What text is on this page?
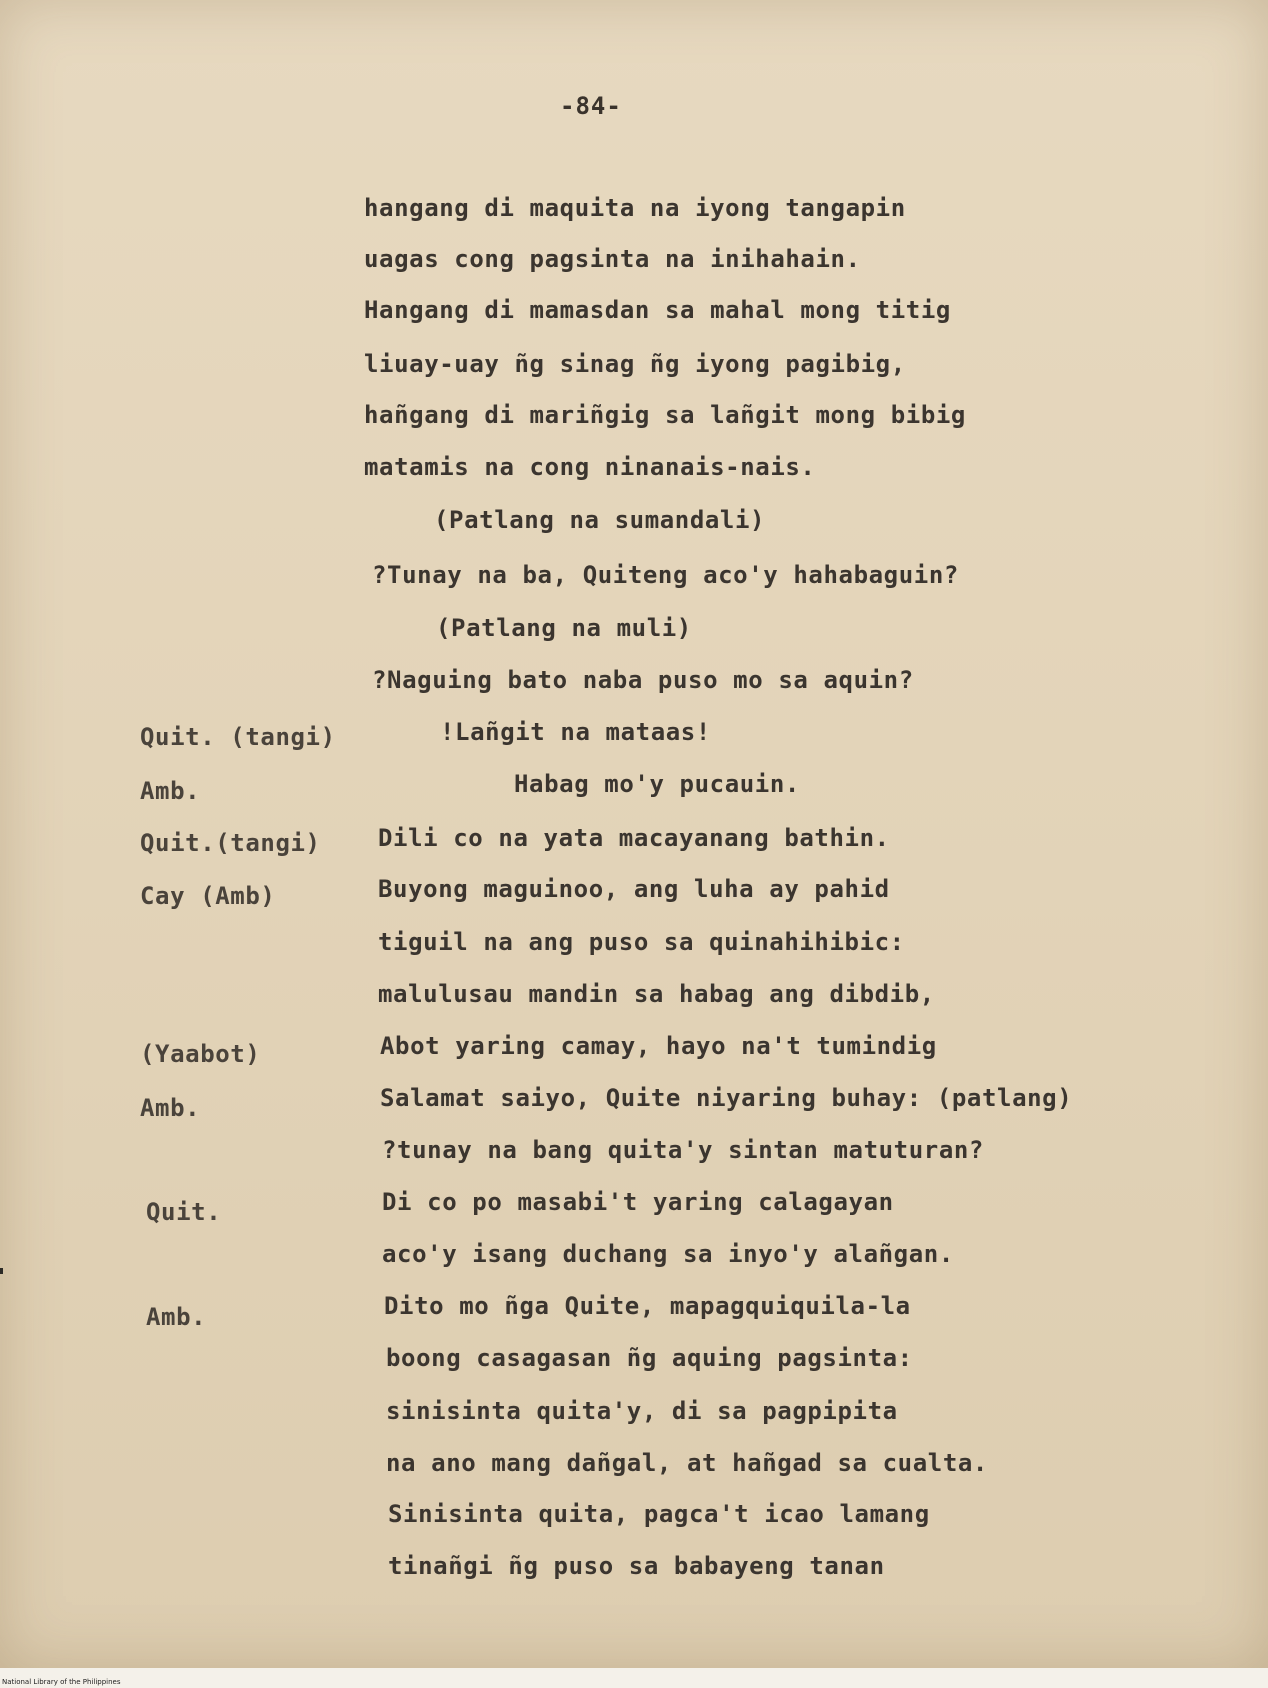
-84-
hangang di maquita na iyong tangapin
uagas cong pagsinta na inihahain.
Hangang di mamasdan sa mahal mong titig
liuay-uay ñg sinag ñg iyong pagibig,
hañgang di mariñgig sa lañgit mong bibig
matamis na cong ninanais-nais.
(Patlang na sumandali)
?Tunay na ba, Quiteng aco'y hahabaguin?
(Patlang na muli)
?Naguing bato naba puso mo sa aquin?
Quit. (tangi)	!Lañgit na mataas!
Amb.	Habag mo'y pucauin.
Quit.(tangi) Dili co na yata macayanang bathin.
Cay (Amb)	Buyong maguinoo, ang luha ay pahid
tiguil na ang puso sa quinahihibic:
malulusau mandin sa habag ang dibdib,
(Yaabot)	Abot yaring camay, hayo na't tumindig
Amb.	Salamat saiyo, Quite niyaring buhay: (patlang)
?tunay na bang quita'y sintan matuturan?
Quit.	Di co po masabi't yaring calagayan
aco'y isang duchang sa inyo'y alañgan.
Amb.	Dito mo ñga Quite, mapagquiquila-la
boong casagasan ñg aquing pagsinta:
sinisinta quita'y, di sa pagpipita
na ano mang dañgal, at hañgad sa cualta.
Sinisinta quita, pagca't icao lamang
tinañgi ñg puso sa babayeng tanan
National Library of the Philippines
